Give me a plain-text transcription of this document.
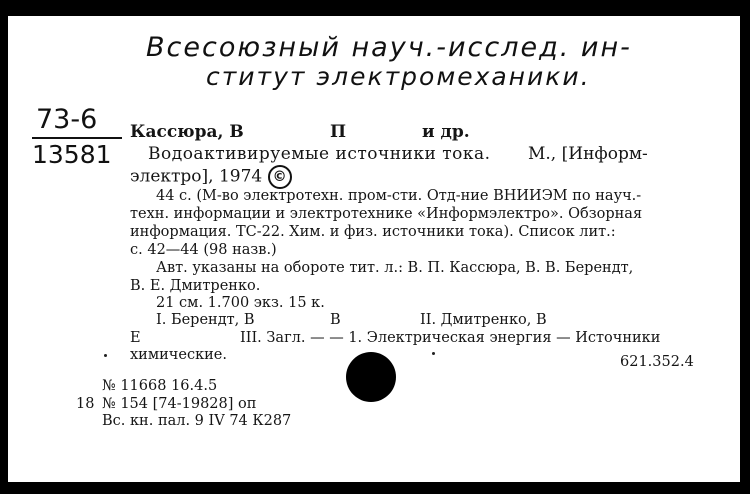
Всесоюзный науч.-исслед. ин-
ститут электромеханики.
73-6
13581
Кассюра, В	П	и др.
Водоактивируемые источники тока. М., [Информ-
электро], 1974 ©
44 с. (М-во электротехн. пром-сти. Отд-ние ВНИИЭМ по науч.-
техн. информации и электротехнике «Информэлектро». Обзорная
информация. ТС-22. Хим. и физ. источники тока). Список лит.:
с. 42—44 (98 назв.)
Авт. указаны на обороте тит. л.: В. П. Кассюра, В. В. Берендт,
В. Е. Дмитренко.
21 см. 1.700 экз. 15 к.
I. Берендт, В	В	II. Дмитренко, В
Е	III. Загл. — — 1. Электрическая энергия — Источники
химические.	621.352.4
№ 11668 16.4.5
18 № 154 [74-19828] оп
Вс. кн. пал. 9 IV 74 К287
